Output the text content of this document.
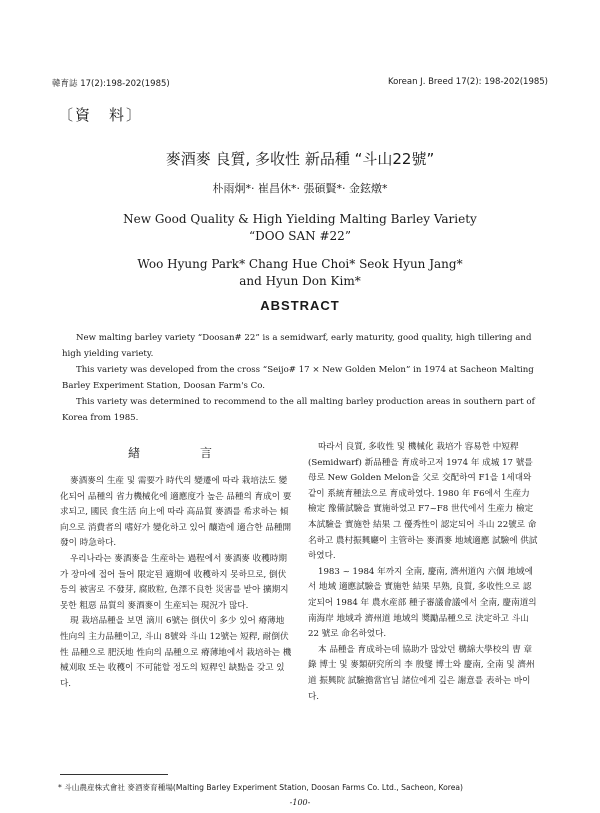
韓育誌 17(2):198-202(1985)	Korean J. Breed 17(2): 198-202(1985)
〔資　料〕
麥酒麥 良質, 多收性 新品種 “斗山22號”
朴雨炯*· 崔昌休*· 張碩賢*· 金鉉燉*
New Good Quality & High Yielding Malting Barley Variety
“DOO SAN #22”
Woo Hyung Park* Chang Hue Choi* Seok Hyun Jang*
and Hyun Don Kim*
ABSTRACT

New malting barley variety “Doosan# 22” is a semidwarf, early maturity, good quality, high tillering and high yielding variety.

This variety was developed from the cross “Seijo# 17 × New Golden Melon” in 1974 at Sacheon Malting Barley Experiment Station, Doosan Farm's Co.

This variety was determined to recommend to the all malting barley production areas in southern part of Korea from 1985.

緖　　言

麥酒麥의 生産 및 需要가 時代의 變遷에 따라 栽培法도 變化되어 品種의 省力機械化에 適應度가 높은 品種의 育成이 要求되고, 國民 食生活 向上에 따라 高品質 麥酒를 希求하는 傾向으로 消費者의 嗜好가 變化하고 있어 釀造에 適合한 品種開發이 時急하다.

우리나라는 麥酒麥을 生産하는 過程에서 麥酒麥 收穫時期가 장마에 접어 들어 限定된 適期에 收穫하지 못하므로, 倒伏등의 被害로 不發芽, 腐敗粒, 色澤不良한 災害를 받아 擴期지 못한 粗惡 品質의 麥酒麥이 生産되는 現況가 많다.

現 栽培品種을 보면 滴川 6號는 倒伏이 多少 있어 瘠薄地 性向의 主力品種이고, 斗山 8號와 斗山 12號는 短稈, 耐倒伏性 品種으로 肥沃地 性向의 品種으로 瘠薄地에서 栽培하는 機械刈取 또는 收穫이 不可能할 정도의 短稈인 缺點을 갖고 있다.

따라서 良質, 多收性 및 機械化 栽培가 容易한 中短稈(Semidwarf) 新品種을 育成하고저 1974 年 成城 17 號를 母로 New Golden Melon을 父로 交配하여 F1을 1세대와 같이 系統育種法으로 育成하였다. 1980 年 F6에서 生産力 檢定 豫備試驗을 實施하였고 F7~F8 世代에서 生産力 檢定 本試驗을 實施한 結果 그 優秀性이 認定되어 斗山 22號로 命名하고 農村振興廳이 主管하는 麥酒麥 地域適應 試驗에 供試하였다.

1983 ~ 1984 年까지 全南, 慶南, 濟州道內 六個 地域에서 地域 適應試驗을 實施한 結果 早熟, 良質, 多收性으로 認定되어 1984 年 農水産部 種子審議會議에서 全南, 慶南道의 南海岸 地域과 濟州道 地域의 奬勵品種으로 決定하고 斗山 22 號로 命名하였다.

本 品種을 育成하는데 協助가 많았던 構綿大學校의 曺 章錄 博士 및 麥類研究所의 李 殷燮 博士와 慶南, 全南 및 濟州道 振興院 試驗擔當官님 諸位에게 깊은 謝意를 表하는 바이다.

* 斗山農産株式會社 麥酒麥育種場(Malting Barley Experiment Station, Doosan Farms Co. Ltd., Sacheon, Korea)
-100-
